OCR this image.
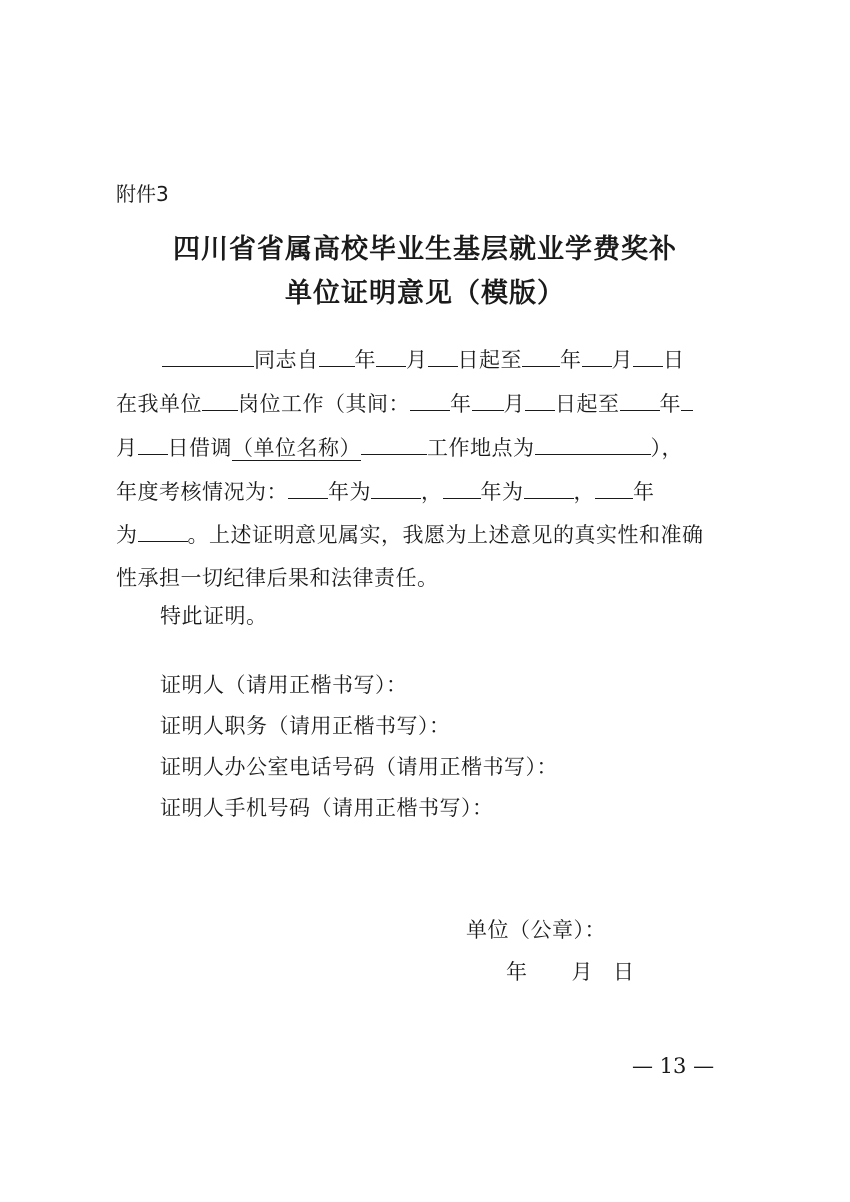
附件3
四川省省属高校毕业生基层就业学费奖补
单位证明意见（模版）
同志自 年 月 日起至 年 月 日
在我单位 岗位工作（其间： 年 月 日起至 年
月 日借调（单位名称）	工作地点为	），
年度考核情况为： 年为 ， 年为 ， 年
为 。上述证明意见属实，我愿为上述意见的真实性和准确
性承担一切纪律后果和法律责任。
特此证明。
证明人（请用正楷书写）：
证明人职务（请用正楷书写）：
证明人办公室电话号码（请用正楷书写）：
证明人手机号码（请用正楷书写）：
单位（公章）：
年 月 日
— 13 —
